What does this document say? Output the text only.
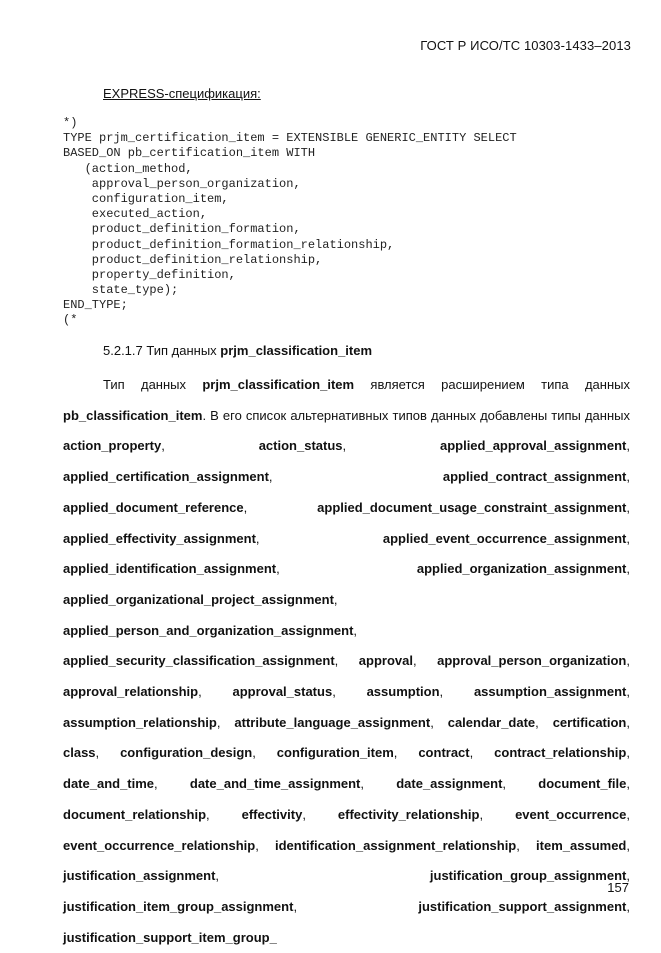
ГОСТ Р ИСО/ТС 10303-1433–2013
EXPRESS-спецификация:
*)
TYPE prjm_certification_item = EXTENSIBLE GENERIC_ENTITY SELECT
BASED_ON pb_certification_item WITH
(action_method,
approval_person_organization,
configuration_item,
executed_action,
product_definition_formation,
product_definition_formation_relationship,
product_definition_relationship,
property_definition,
state_type);
END_TYPE;
(*
5.2.1.7 Тип данных prjm_classification_item

Тип данных prjm_classification_item является расширением типа данных pb_classification_item. В его список альтернативных типов данных добавлены типы данных action_property, action_status, applied_approval_assignment, applied_certification_assignment, applied_contract_assignment, applied_document_reference, applied_document_usage_constraint_assignment, applied_effectivity_assignment, applied_event_occurrence_assignment, applied_identification_assignment, applied_organization_assignment, applied_organizational_project_assignment, applied_person_and_organization_assignment, applied_security_classification_assignment, approval, approval_person_organization, approval_relationship, approval_status, assumption, assumption_assignment, assumption_relationship, attribute_language_assignment, calendar_date, certification, class, configuration_design, configuration_item, contract, contract_relationship, date_and_time, date_and_time_assignment, date_assignment, document_file, document_relationship, effectivity, effectivity_relationship, event_occurrence, event_occurrence_relationship, identification_assignment_relationship, item_assumed, justification_assignment, justification_group_assignment, justification_item_group_assignment, justification_support_assignment, justification_support_item_group_

157
